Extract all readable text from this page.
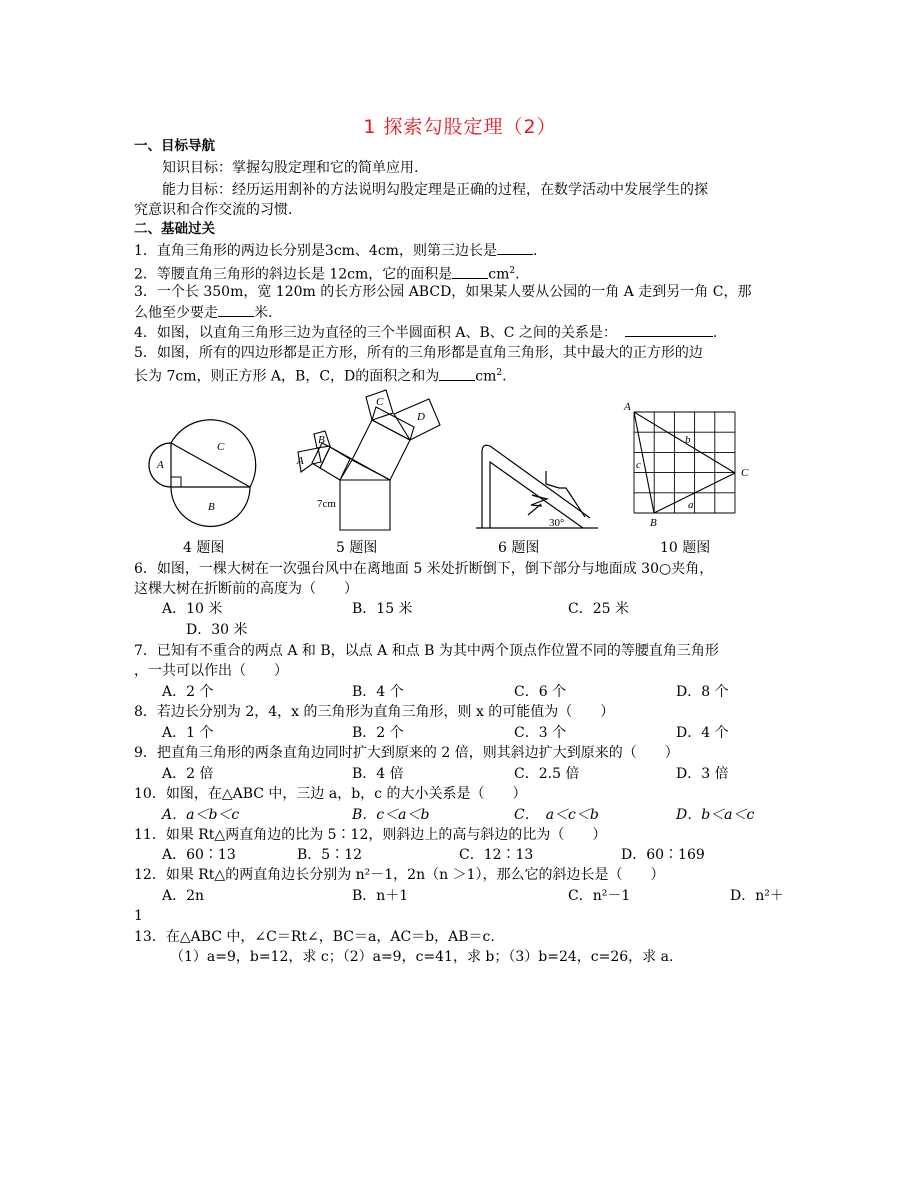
1 探索勾股定理（2）
一、目标导航
知识目标：掌握勾股定理和它的简单应用.
能力目标：经历运用割补的方法说明勾股定理是正确的过程，在数学活动中发展学生的探
究意识和合作交流的习惯.
二、基础过关
1．直角三角形的两边长分别是3cm、4cm，则第三边长是	.
2．等腰直角三角形的斜边长是 12cm，它的面积是	$cm^2$.
3．一个长 350m，宽 120m 的长方形公园 ABCD，如果某人要从公园的一角 A 走到另一角 C，那
么他至少要走	米.
4．如图，以直角三角形三边为直径的三个半圆面积 A、B、C 之间的关系是：	.
5．如图，所有的四边形都是正方形，所有的三角形都是直角三角形，其中最大的正方形的边
长为 7cm，则正方形 A，B，C，D的面积之和为	$cm^2$.
A
B
C
4 题图
A
B
C
D
7cm
5 题图
30°
6 题图
A
B
C
a
b
c
10 题图
6．如图，一棵大树在一次强台风中在离地面 5 米处折断倒下，倒下部分与地面成 30○夹角，
这棵大树在折断前的高度为（　　）
A．10 米	B．15 米	C．25 米
D．30 米
7．已知有不重合的两点 A 和 B，以点 A 和点 B 为其中两个顶点作位置不同的等腰直角三角形
，一共可以作出（　　）
A．2 个	B．4 个	C．6 个	D．8 个
8．若边长分别为 2，4，x 的三角形为直角三角形，则 x 的可能值为（　　）
A．1 个	B．2 个	C．3 个	D．4 个
9．把直角三角形的两条直角边同时扩大到原来的 2 倍，则其斜边扩大到原来的（　　）
A．2 倍	B．4 倍	C．2.5 倍	D．3 倍
10．如图，在△ABC 中，三边 a，b，c 的大小关系是（　　）
A．a＜b＜c	B．c＜a＜b	C．　a＜c＜b	D．b＜a＜c
11．如果 Rt△两直角边的比为 5∶12，则斜边上的高与斜边的比为（　　）
A．60∶13	B．5∶12	C．12∶13	D．60∶169
12．如果 Rt△的两直角边长分别为 n²－1，2n（n ＞1），那么它的斜边长是（　　）
A．2n	B．n＋1	C．n²－1	D．n²＋
1
13．在△ABC 中，∠C＝Rt∠，BC＝a，AC＝b，AB＝c.
（1）a=9，b=12，求 c；（2）a=9，c=41，求 b；（3）b=24，c=26，求 a.
